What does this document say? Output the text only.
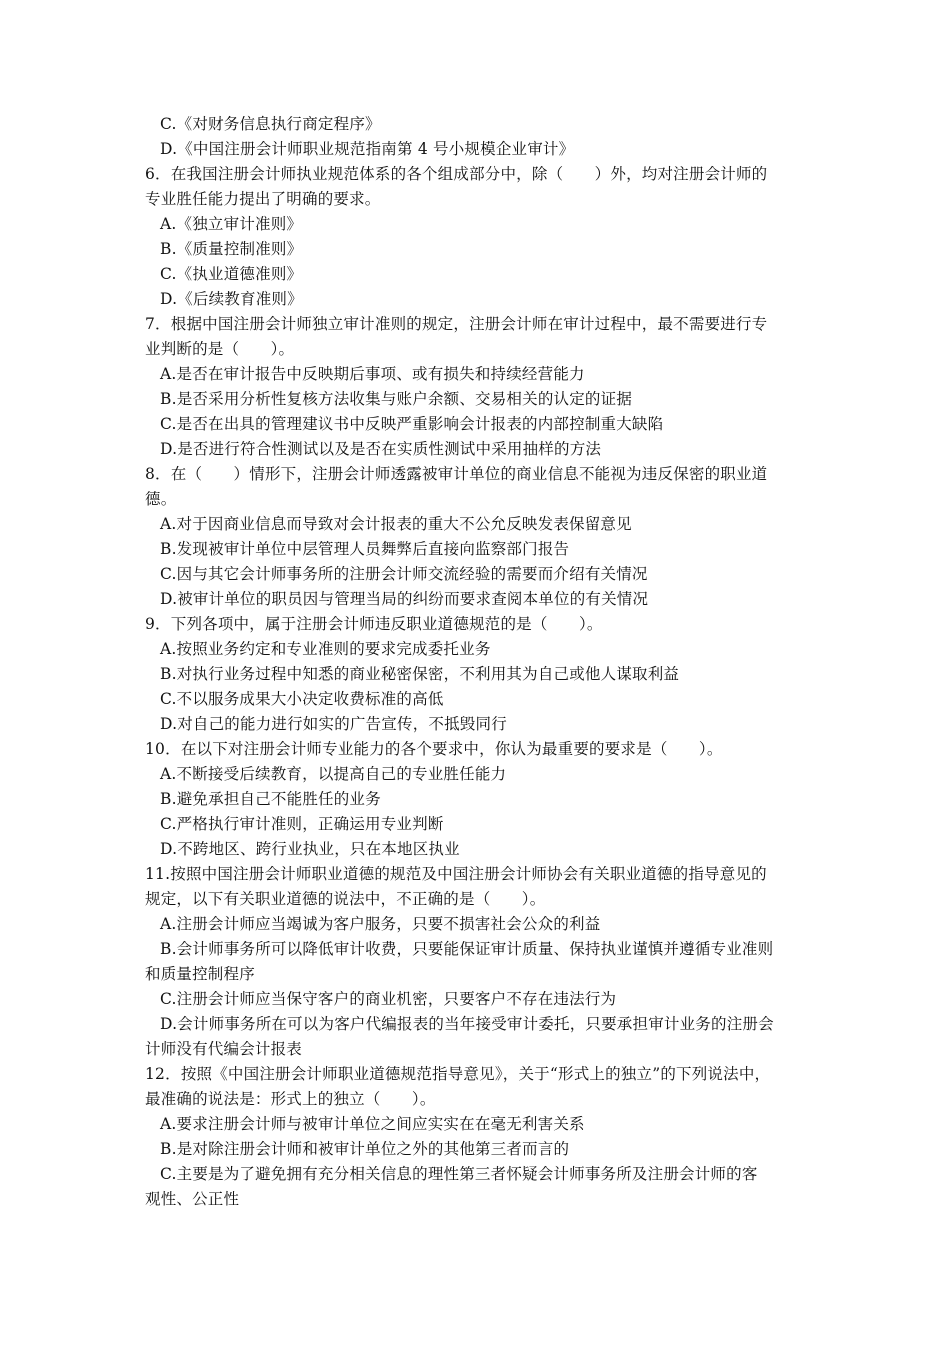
C.《对财务信息执行商定程序》
D.《中国注册会计师职业规范指南第 4 号小规模企业审计》
6．在我国注册会计师执业规范体系的各个组成部分中，除（　　）外，均对注册会计师的
专业胜任能力提出了明确的要求。
A.《独立审计准则》
B.《质量控制准则》
C.《执业道德准则》
D.《后续教育准则》
7．根据中国注册会计师独立审计准则的规定，注册会计师在审计过程中，最不需要进行专
业判断的是（　　）。
A.是否在审计报告中反映期后事项、或有损失和持续经营能力
B.是否采用分析性复核方法收集与账户余额、交易相关的认定的证据
C.是否在出具的管理建议书中反映严重影响会计报表的内部控制重大缺陷
D.是否进行符合性测试以及是否在实质性测试中采用抽样的方法
8．在（　　）情形下，注册会计师透露被审计单位的商业信息不能视为违反保密的职业道
德。
A.对于因商业信息而导致对会计报表的重大不公允反映发表保留意见
B.发现被审计单位中层管理人员舞弊后直接向监察部门报告
C.因与其它会计师事务所的注册会计师交流经验的需要而介绍有关情况
D.被审计单位的职员因与管理当局的纠纷而要求查阅本单位的有关情况
9．下列各项中，属于注册会计师违反职业道德规范的是（　　）。
A.按照业务约定和专业准则的要求完成委托业务
B.对执行业务过程中知悉的商业秘密保密，不利用其为自己或他人谋取利益
C.不以服务成果大小决定收费标准的高低
D.对自己的能力进行如实的广告宣传，不抵毁同行
10．在以下对注册会计师专业能力的各个要求中，你认为最重要的要求是（　　）。
A.不断接受后续教育，以提高自己的专业胜任能力
B.避免承担自己不能胜任的业务
C.严格执行审计准则，正确运用专业判断
D.不跨地区、跨行业执业，只在本地区执业
11.按照中国注册会计师职业道德的规范及中国注册会计师协会有关职业道德的指导意见的
规定，以下有关职业道德的说法中，不正确的是（　　）。
A.注册会计师应当竭诚为客户服务，只要不损害社会公众的利益
B.会计师事务所可以降低审计收费，只要能保证审计质量、保持执业谨慎并遵循专业准则
和质量控制程序
C.注册会计师应当保守客户的商业机密，只要客户不存在违法行为
D.会计师事务所在可以为客户代编报表的当年接受审计委托，只要承担审计业务的注册会
计师没有代编会计报表
12．按照《中国注册会计师职业道德规范指导意见》，关于“形式上的独立”的下列说法中，
最准确的说法是：形式上的独立（　　）。
A.要求注册会计师与被审计单位之间应实实在在毫无利害关系
B.是对除注册会计师和被审计单位之外的其他第三者而言的
C.主要是为了避免拥有充分相关信息的理性第三者怀疑会计师事务所及注册会计师的客
观性、公正性
